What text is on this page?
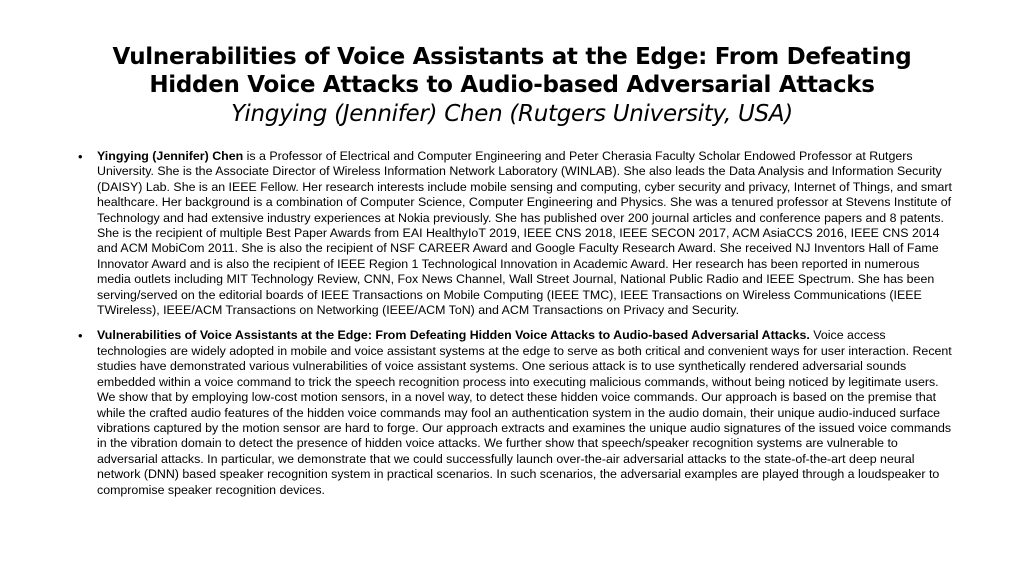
Vulnerabilities of Voice Assistants at the Edge: From Defeating
Hidden Voice Attacks to Audio-based Adversarial Attacks
Yingying (Jennifer) Chen (Rutgers University, USA)
• Yingying (Jennifer) Chen is a Professor of Electrical and Computer Engineering and Peter Cherasia Faculty Scholar Endowed Professor at Rutgers University. She is the Associate Director of Wireless Information Network Laboratory (WINLAB). She also leads the Data Analysis and Information Security (DAISY) Lab. She is an IEEE Fellow. Her research interests include mobile sensing and computing, cyber security and privacy, Internet of Things, and smart healthcare. Her background is a combination of Computer Science, Computer Engineering and Physics. She was a tenured professor at Stevens Institute of Technology and had extensive industry experiences at Nokia previously. She has published over 200 journal articles and conference papers and 8 patents. She is the recipient of multiple Best Paper Awards from EAI HealthyIoT 2019, IEEE CNS 2018, IEEE SECON 2017, ACM AsiaCCS 2016, IEEE CNS 2014 and ACM MobiCom 2011. She is also the recipient of NSF CAREER Award and Google Faculty Research Award. She received NJ Inventors Hall of Fame Innovator Award and is also the recipient of IEEE Region 1 Technological Innovation in Academic Award. Her research has been reported in numerous media outlets including MIT Technology Review, CNN, Fox News Channel, Wall Street Journal, National Public Radio and IEEE Spectrum. She has been serving/served on the editorial boards of IEEE Transactions on Mobile Computing (IEEE TMC), IEEE Transactions on Wireless Communications (IEEE TWireless), IEEE/ACM Transactions on Networking (IEEE/ACM ToN) and ACM Transactions on Privacy and Security.
• Vulnerabilities of Voice Assistants at the Edge: From Defeating Hidden Voice Attacks to Audio-based Adversarial Attacks. Voice access technologies are widely adopted in mobile and voice assistant systems at the edge to serve as both critical and convenient ways for user interaction. Recent studies have demonstrated various vulnerabilities of voice assistant systems. One serious attack is to use synthetically rendered adversarial sounds embedded within a voice command to trick the speech recognition process into executing malicious commands, without being noticed by legitimate users. We show that by employing low-cost motion sensors, in a novel way, to detect these hidden voice commands. Our approach is based on the premise that while the crafted audio features of the hidden voice commands may fool an authentication system in the audio domain, their unique audio-induced surface vibrations captured by the motion sensor are hard to forge. Our approach extracts and examines the unique audio signatures of the issued voice commands in the vibration domain to detect the presence of hidden voice attacks. We further show that speech/speaker recognition systems are vulnerable to adversarial attacks. In particular, we demonstrate that we could successfully launch over-the-air adversarial attacks to the state-of-the-art deep neural network (DNN) based speaker recognition system in practical scenarios. In such scenarios, the adversarial examples are played through a loudspeaker to compromise speaker recognition devices.
